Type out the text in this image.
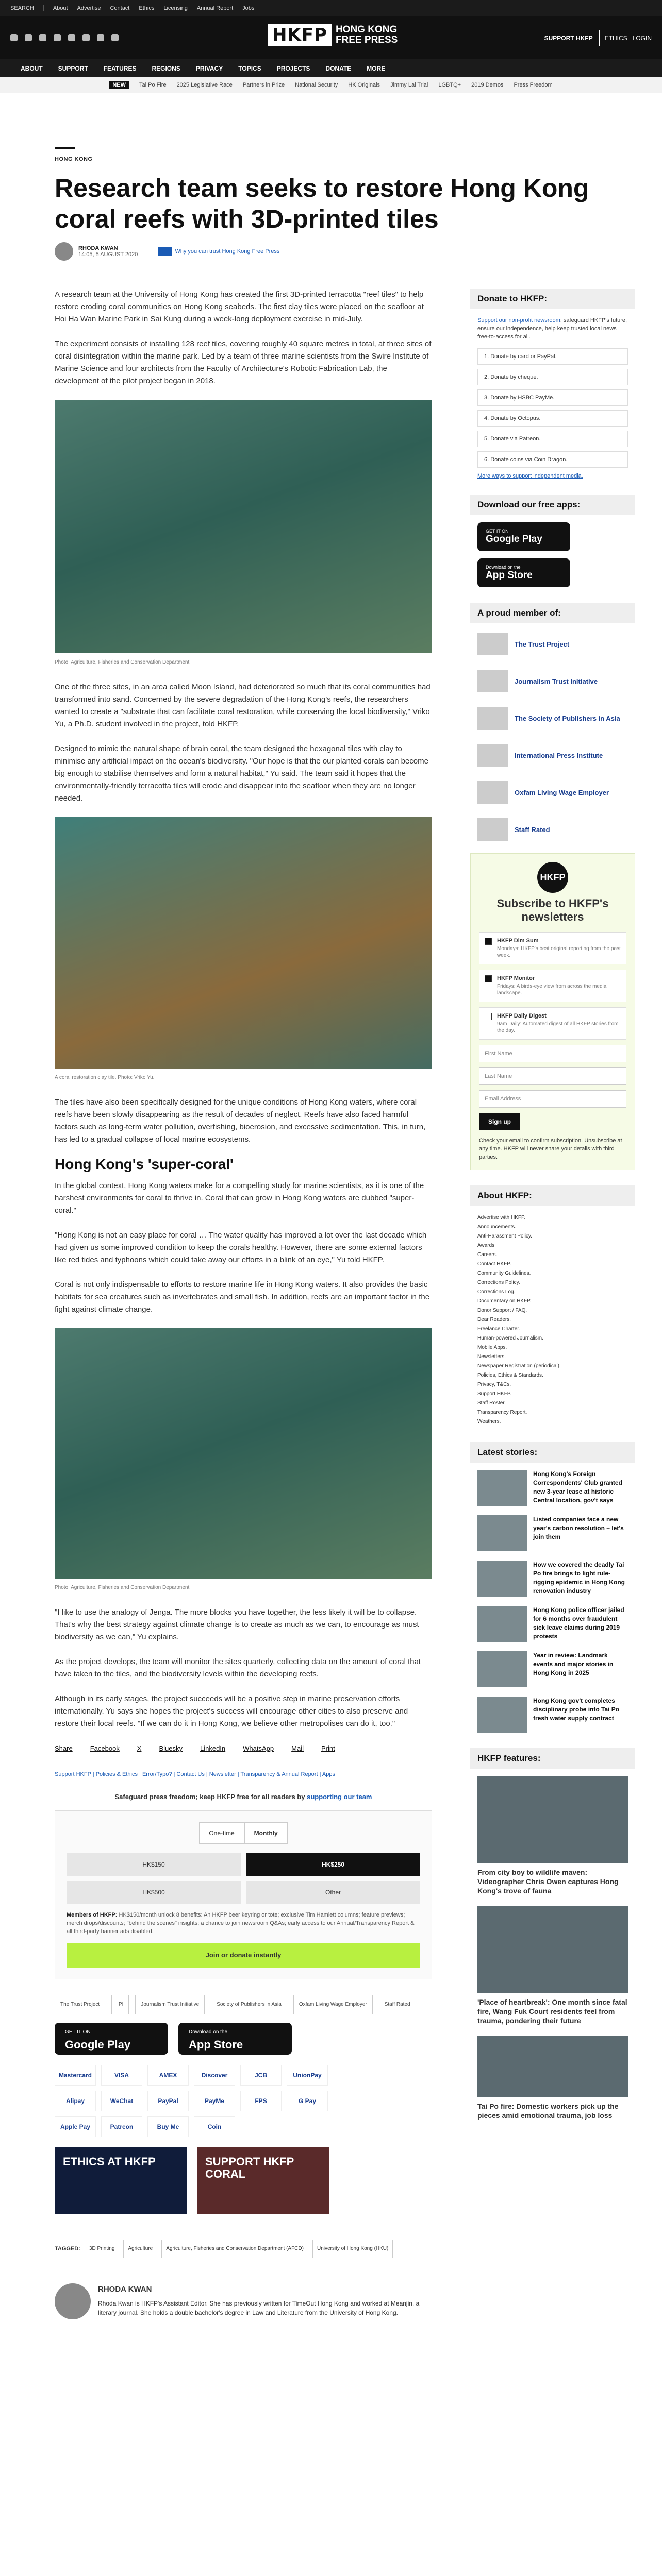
SEARCH	About Advertise Contact Ethics Licensing Annual Report Jobs
HKFP HONG KONG
FREE PRESS	SUPPORT HKFP	ETHICS LOGIN
ABOUT	SUPPORT	FEATURES	REGIONS	PRIVACY	TOPICS	PROJECTS	DONATE	MORE
NEW	Tai Po Fire 2025 Legislative Race Partners in Prize National Security HK Originals Jimmy Lai Trial LGBTQ+ 2019 Demos Press Freedom
HONG KONG
Research team seeks to restore Hong Kong coral reefs with 3D-printed tiles
RHODA KWAN
14:05, 5 AUGUST 2020	Why you can trust Hong Kong Free Press

A research team at the University of Hong Kong has created the first 3D-printed terracotta "reef tiles" to help restore eroding coral communities on Hong Kong seabeds. The first clay tiles were placed on the seafloor at Hoi Ha Wan Marine Park in Sai Kung during a week-long deployment exercise in mid-July.

The experiment consists of installing 128 reef tiles, covering roughly 40 square metres in total, at three sites of coral disintegration within the marine park. Led by a team of three marine scientists from the Swire Institute of Marine Science and four architects from the Faculty of Architecture's Robotic Fabrication Lab, the development of the pilot project began in 2018.

Photo: Agriculture, Fisheries and Conservation Department

One of the three sites, in an area called Moon Island, had deteriorated so much that its coral communities had transformed into sand. Concerned by the severe degradation of the Hong Kong's reefs, the researchers wanted to create a "substrate that can facilitate coral restoration, while conserving the local biodiversity," Vriko Yu, a Ph.D. student involved in the project, told HKFP.

Designed to mimic the natural shape of brain coral, the team designed the hexagonal tiles with clay to minimise any artificial impact on the ocean's biodiversity. "Our hope is that the our planted corals can become big enough to stabilise themselves and form a natural habitat," Yu said. The team said it hopes that the environmentally-friendly terracotta tiles will erode and disappear into the seafloor when they are no longer needed.

A coral restoration clay tile. Photo: Vriko Yu.

The tiles have also been specifically designed for the unique conditions of Hong Kong waters, where coral reefs have been slowly disappearing as the result of decades of neglect. Reefs have also faced harmful factors such as long-term water pollution, overfishing, bioerosion, and excessive sedimentation. This, in turn, has led to a gradual collapse of local marine ecosystems.

Hong Kong's 'super-coral'

In the global context, Hong Kong waters make for a compelling study for marine scientists, as it is one of the harshest environments for coral to thrive in. Coral that can grow in Hong Kong waters are dubbed "super-coral."

"Hong Kong is not an easy place for coral … The water quality has improved a lot over the last decade which had given us some improved condition to keep the corals healthy. However, there are some external factors like red tides and typhoons which could take away our efforts in a blink of an eye," Yu told HKFP.

Coral is not only indispensable to efforts to restore marine life in Hong Kong waters. It also provides the basic habitats for sea creatures such as invertebrates and small fish. In addition, reefs are an important factor in the fight against climate change.

Photo: Agriculture, Fisheries and Conservation Department

"I like to use the analogy of Jenga. The more blocks you have together, the less likely it will be to collapse. That's why the best strategy against climate change is to create as much as we can, to encourage as must biodiversity as we can," Yu explains.

As the project develops, the team will monitor the sites quarterly, collecting data on the amount of coral that have taken to the tiles, and the biodiversity levels within the developing reefs.

Although in its early stages, the project succeeds will be a positive step in marine preservation efforts internationally. Yu says she hopes the project's success will encourage other cities to also preserve and restore their local reefs. "If we can do it in Hong Kong, we believe other metropolises can do it, too."

Share	Facebook	X	Bluesky	LinkedIn	WhatsApp	Mail	Print
Support HKFP | Policies & Ethics | Error/Typo? | Contact Us | Newsletter | Transparency & Annual Report | Apps
Safeguard press freedom; keep HKFP free for all readers by supporting our team
One-time	Monthly
HK$150	HK$250
HK$500	Other
Members of HKFP: HK$150/month unlock 8 benefits: An HKFP beer keyring or tote; exclusive Tim Hamlett columns; feature previews; merch drops/discounts; "behind the scenes" insights; a chance to join newsroom Q&As; early access to our Annual/Transparency Report & all third-party banner ads disabled.
Join or donate instantly
The Trust Project	IPI	Journalism Trust Initiative	Society of Publishers in Asia	Oxfam Living Wage Employer	Staff Rated
GET IT ON
Google Play
Download on the
App Store
Mastercard	VISA	AMEX	Discover	JCB	UnionPay
Alipay	WeChat	PayPal	PayMe	FPS	G Pay
Apple Pay	Patreon	Buy Me	Coin
ETHICS AT HKFP	SUPPORT HKFP CORAL
TAGGED:	3D Printing	Agriculture	Agriculture, Fisheries and Conservation Department (AFCD)	University of Hong Kong (HKU)
RHODA KWAN

Rhoda Kwan is HKFP's Assistant Editor. She has previously written for TimeOut Hong Kong and worked at Meanjin, a literary journal. She holds a double bachelor's degree in Law and Literature from the University of Hong Kong.

Donate to HKFP:
Support our non-profit newsroom: safeguard HKFP's future, ensure our independence, help keep trusted local news free-to-access for all.
1. Donate by card or PayPal.
2. Donate by cheque.
3. Donate by HSBC PayMe.
4. Donate by Octopus.
5. Donate via Patreon.
6. Donate coins via Coin Dragon.
More ways to support independent media.
Download our free apps:
GET IT ON
Google Play
Download on the
App Store
A proud member of:
The Trust Project
Journalism Trust Initiative
The Society of Publishers in Asia
International Press Institute
Oxfam Living Wage Employer
Staff Rated
HKFP
Subscribe to HKFP's newsletters
HKFP Dim Sum
Mondays: HKFP's best original reporting from the past week.
HKFP Monitor
Fridays: A birds-eye view from across the media landscape.
HKFP Daily Digest
9am Daily: Automated digest of all HKFP stories from the day.
First Name
Last Name
Email Address
Sign up
Check your email to confirm subscription. Unsubscribe at any time. HKFP will never share your details with third parties.
About HKFP:
Advertise with HKFP.
Announcements.
Anti-Harassment Policy.
Awards.
Careers.
Contact HKFP.
Community Guidelines.
Corrections Policy.
Corrections Log.
Documentary on HKFP.
Donor Support / FAQ.
Dear Readers.
Freelance Charter.
Human-powered Journalism.
Mobile Apps.
Newsletters.
Newspaper Registration (periodical).
Policies, Ethics & Standards.
Privacy, T&Cs.
Support HKFP.
Staff Roster.
Transparency Report.
Weathers.
Latest stories:
Hong Kong's Foreign Correspondents' Club granted new 3-year lease at historic Central location, gov't says
Listed companies face a new year's carbon resolution – let's join them
How we covered the deadly Tai Po fire brings to light rule-rigging epidemic in Hong Kong renovation industry
Hong Kong police officer jailed for 6 months over fraudulent sick leave claims during 2019 protests
Year in review: Landmark events and major stories in Hong Kong in 2025
Hong Kong gov't completes disciplinary probe into Tai Po fresh water supply contract
HKFP features:
From city boy to wildlife maven: Videographer Chris Owen captures Hong Kong's trove of fauna
'Place of heartbreak': One month since fatal fire, Wang Fuk Court residents feel from trauma, pondering their future
Tai Po fire: Domestic workers pick up the pieces amid emotional trauma, job loss
